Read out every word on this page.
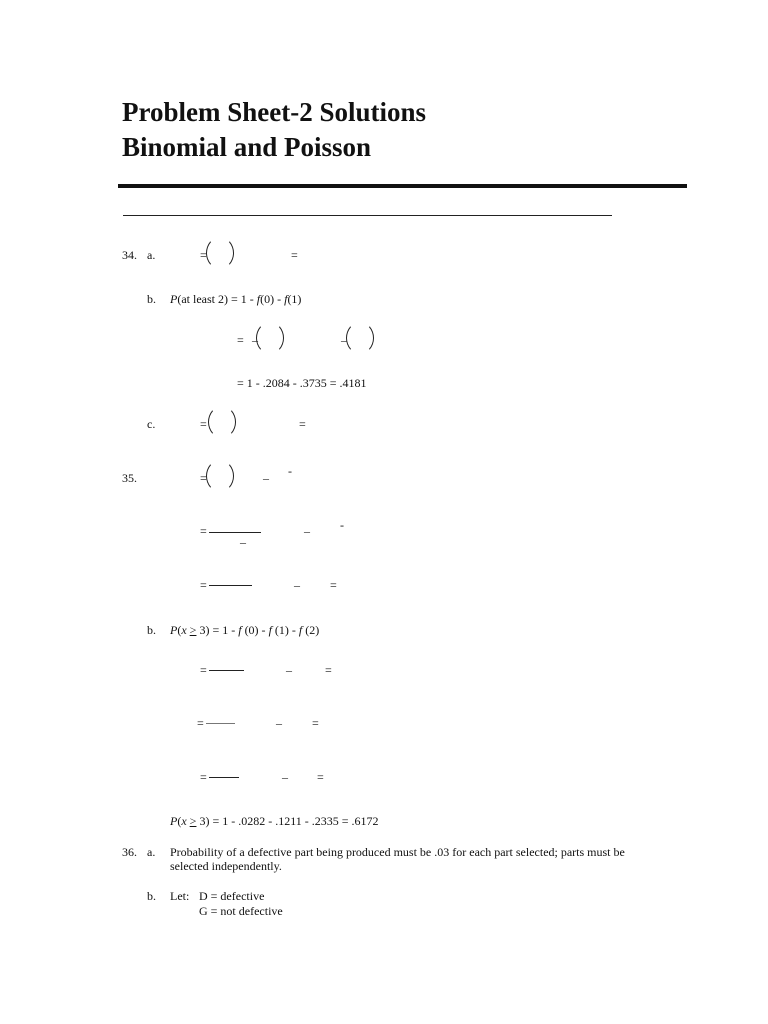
Problem Sheet-2 Solutions
Binomial and Poisson
34. a.	=	=
b. P(at least 2) = 1 - f(0) - f(1)
= –	–
= 1 - .2084 - .3735 = .4181
c.	=	=
35.	=	– -
=
–
–	-
=	–	=
b. P(x > 3) = 1 - f (0) - f (1) - f (2)
=	–	=
=	–	=
=	– =
P(x > 3) = 1 - .0282 - .1211 - .2335 = .6172
36. a. Probability of a defective part being produced must be .03 for each part selected; parts must be
selected independently.
b. Let: D = defective
G = not defective
